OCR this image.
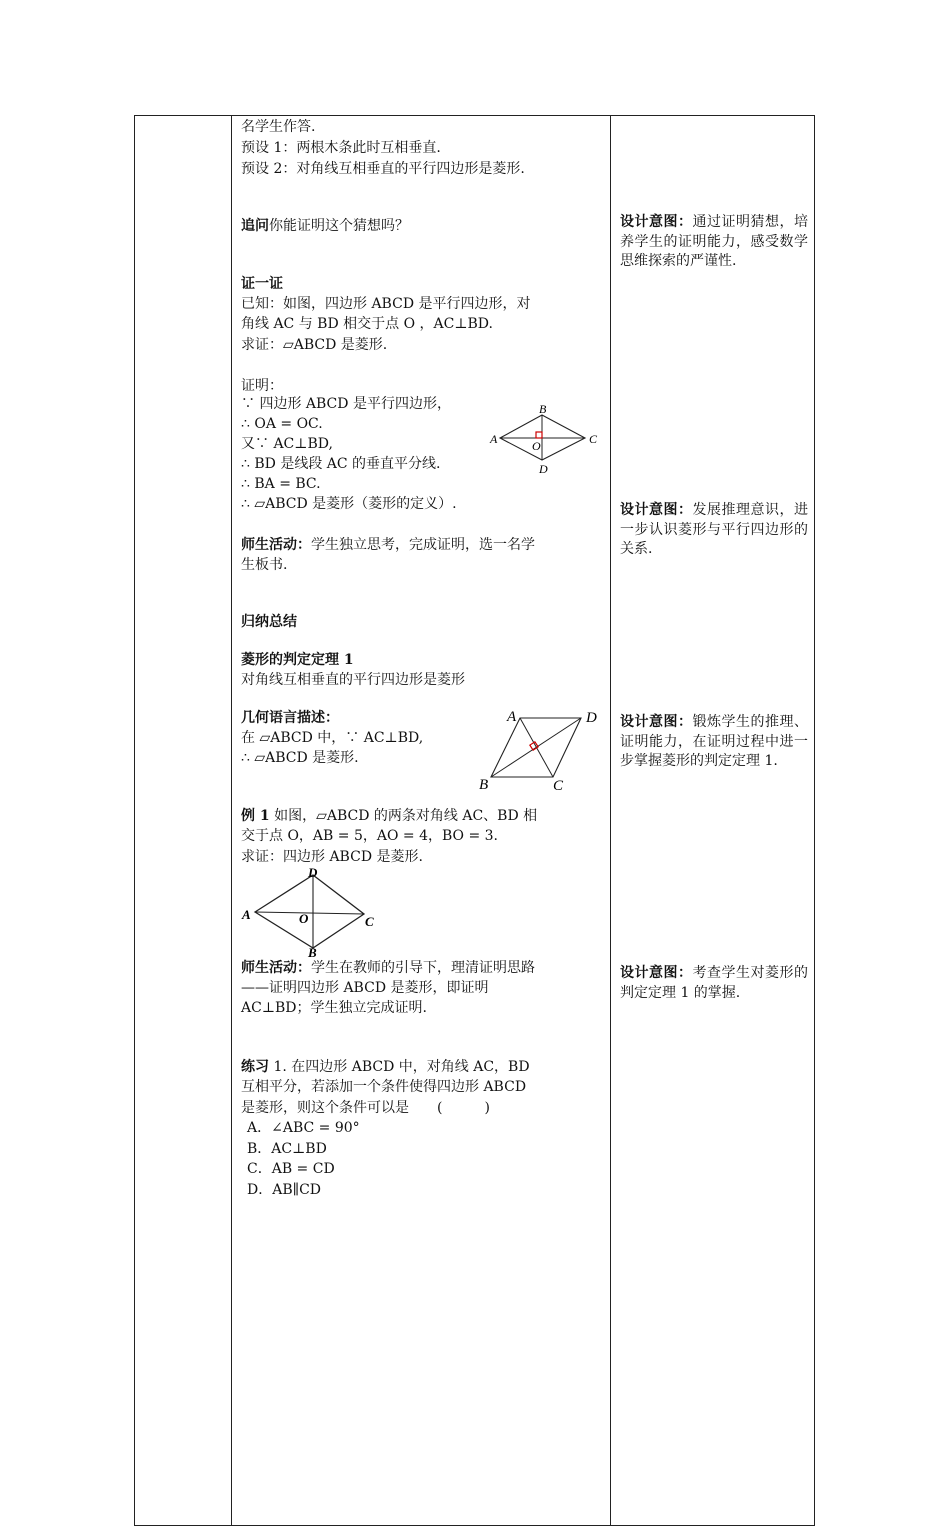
名学生作答.
预设 1：两根木条此时互相垂直.
预设 2：对角线互相垂直的平行四边形是菱形.
追问你能证明这个猜想吗？
证一证
已知：如图，四边形 ABCD 是平行四边形，对
角线 AC 与 BD 相交于点 O ，AC⊥BD.
求证：▱ABCD 是菱形.
证明：
∵ 四边形 ABCD 是平行四边形，
∴ OA = OC.
又∵ AC⊥BD,
∴ BD 是线段 AC 的垂直平分线.
∴ BA = BC.
∴ ▱ABCD 是菱形（菱形的定义）.
A
B
C
D
O
师生活动：学生独立思考，完成证明，选一名学
生板书.
归纳总结
菱形的判定定理 1
对角线互相垂直的平行四边形是菱形
几何语言描述：
在 ▱ABCD 中，∵ AC⊥BD,
∴ ▱ABCD 是菱形.
A	D
B	C
例 1 如图，▱ABCD 的两条对角线 AC、BD 相
交于点 O，AB = 5，AO = 4，BO = 3.
求证：四边形 ABCD 是菱形.
A
D
C
B
O
师生活动：学生在教师的引导下，理清证明思路
——证明四边形 ABCD 是菱形，即证明
AC⊥BD；学生独立完成证明.
练习 1. 在四边形 ABCD 中，对角线 AC，BD
互相平分，若添加一个条件使得四边形 ABCD
是菱形，则这个条件可以是　　(　　　)
A．∠ABC = 90°
B．AC⊥BD
C．AB = CD
D．AB∥CD
设计意图：通过证明猜想，培养学生的证明能力，感受数学思维探索的严谨性.
设计意图：发展推理意识，进一步认识菱形与平行四边形的关系.
设计意图：锻炼学生的推理、证明能力，在证明过程中进一步掌握菱形的判定定理 1.
设计意图：考查学生对菱形的判定定理 1 的掌握.
